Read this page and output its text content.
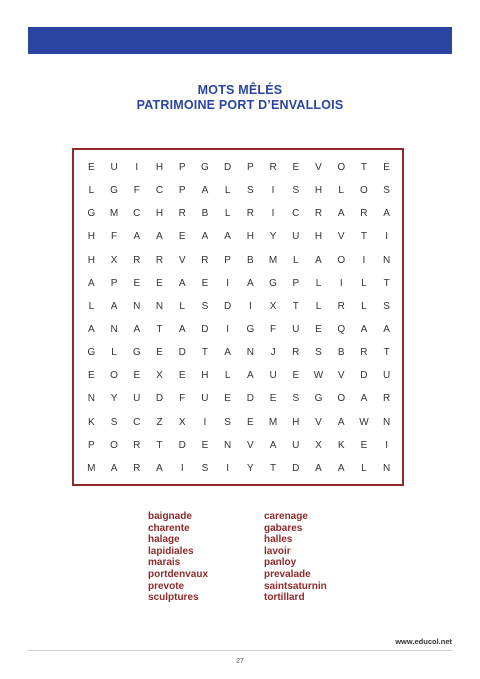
MOTS MÊLÉS
PATRIMOINE PORT D’ENVALLOIS
E	U	I	H	P	G	D	P	R	E	V	O	T	E
L	G	F	C	P	A	L	S	I	S	H	L	O	S
G	M	C	H	R	B	L	R	I	C	R	A	R	A
H	F	A	A	E	A	A	H	Y	U	H	V	T	I
H	X	R	R	V	R	P	B	M	L	A	O	I	N
A	P	E	E	A	E	I	A	G	P	L	I	L	T
L	A	N	N	L	S	D	I	X	T	L	R	L	S
A	N	A	T	A	D	I	G	F	U	E	Q	A	A
G	L	G	E	D	T	A	N	J	R	S	B	R	T
E	O	E	X	E	H	L	A	U	E	W	V	D	U
N	Y	U	D	F	U	E	D	E	S	G	O	A	R
K	S	C	Z	X	I	S	E	M	H	V	A	W	N
P	O	R	T	D	E	N	V	A	U	X	K	E	I
M	A	R	A	I	S	I	Y	T	D	A	A	L	N
baignade
charente
halage
lapidiales
marais
portdenvaux
prevote
sculptures
carenage
gabares
halles
lavoir
panloy
prevalade
saintsaturnin
tortillard
www.educol.net
27
